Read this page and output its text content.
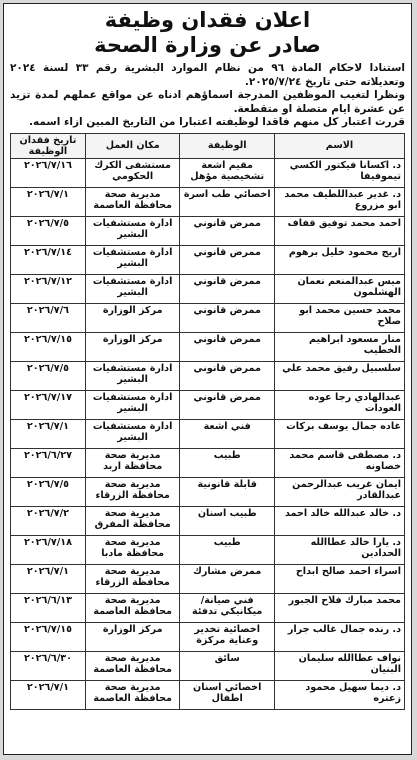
اعلان فقدان وظيفة
صادر عن وزارة الصحة

استنادا لاحكام المادة ٩٦ من نظام الموارد البشرية رقم ٣٣ لسنة ٢٠٢٤ وتعديلاته حتى تاريخ ٢٠٢٥/٧/٢٤.

ونظرا لتغيب الموظفين المدرجة اسماؤهم ادناه عن مواقع عملهم لمدة تزيد عن عشرة ايام متصلة او متقطعة.

قررت اعتبار كل منهم فاقدا لوظيفته اعتبارا من التاريخ المبين ازاء اسمه.

الاسم	الوظيفة	مكان العمل	تاريخ فقدان الوظيفة
د. اكسانا فيكتور الكسي تيموفيفا	مقيم اشعة تشخيصية مؤهل	مستشفى الكرك الحكومي	٢٠٢٦/٧/١٦
د. غدير عبداللطيف محمد ابو مزروع	اخصائي طب اسرة	مديرية صحة محافظة العاصمة	٢٠٢٦/٧/١
احمد محمد توفيق قفاف	ممرض قانوني	ادارة مستشفيات البشير	٢٠٢٦/٧/٥
اريج محمود خليل برهوم	ممرض قانوني	ادارة مستشفيات البشير	٢٠٢٦/٧/١٤
ميس عبدالمنعم نعمان الهشلمون	ممرض قانوني	ادارة مستشفيات البشير	٢٠٢٦/٧/١٢
محمد حسين محمد ابو صلاح	ممرض قانوني	مركز الوزارة	٢٠٢٦/٧/٦
منار مسعود ابراهيم الخطيب	ممرض قانوني	مركز الوزارة	٢٠٢٦/٧/١٥
سلسبيل رفيق محمد علي	ممرض قانوني	ادارة مستشفيات البشير	٢٠٢٦/٧/٥
عبدالهادي رجا عوده العودات	ممرض قانوني	ادارة مستشفيات البشير	٢٠٢٦/٧/١٧
غاده جمال يوسف بركات	فني اشعة	ادارة مستشفيات البشير	٢٠٢٦/٧/١
د. مصطفى قاسم محمد خصاونه	طبيب	مديرية صحة محافظة اربد	٢٠٢٦/٦/٢٧
ايمان غريب عبدالرحمن عبدالقادر	قابلة قانونية	مديرية صحة محافظة الزرقاء	٢٠٢٦/٧/٥
د. خالد عبدالله خالد احمد	طبيب اسنان	مديرية صحة محافظة المفرق	٢٠٢٦/٧/٢
د. يارا خالد عطاالله الحدادين	طبيب	مديرية صحة محافظة مادبا	٢٠٢٦/٧/١٨
اسراء احمد صالح ابداح	ممرض مشارك	مديرية صحة محافظة الزرقاء	٢٠٢٦/٧/١
محمد مبارك فلاح الجبور	فني صيانة/ميكانيكي تدفئة	مديرية صحة محافظة العاصمة	٢٠٢٦/٦/١٣
د. رنده جمال غالب جرار	اخصائية تخدير وعناية مركزة	مركز الوزارة	٢٠٢٦/٧/١٥
نواف عطاالله سليمان البنيان	سائق	مديرية صحة محافظة العاصمة	٢٠٢٦/٦/٣٠
د. ديما سهيل محمود زعتره	اخصائي اسنان اطفال	مديرية صحة محافظة العاصمة	٢٠٢٦/٧/١
